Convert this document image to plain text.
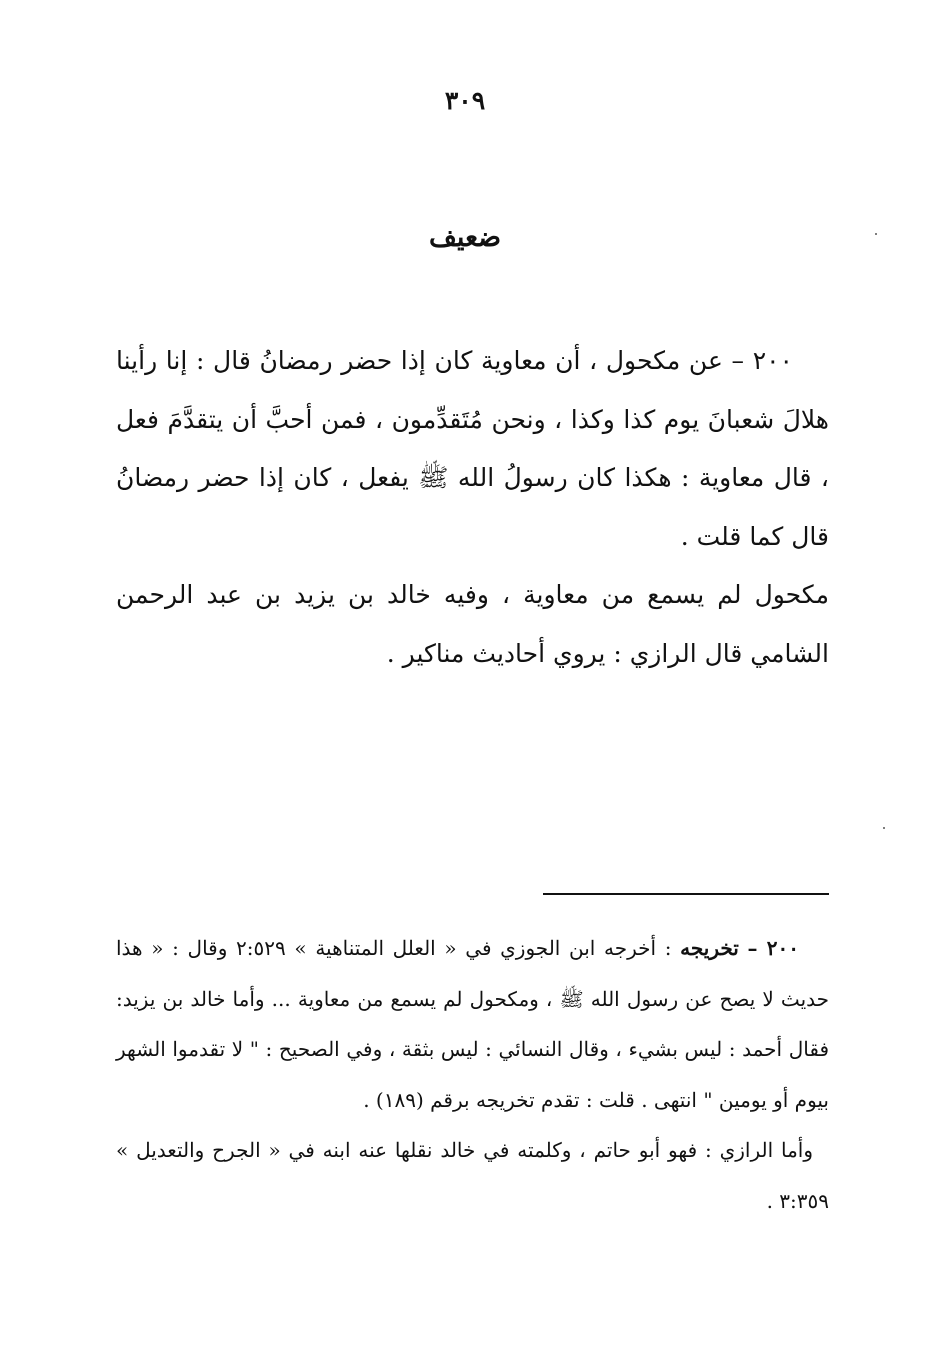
٣٠٩
ضعيف

٢٠٠ – عن مكحول ، أن معاوية كان إذا حضر رمضانُ قال : إنا رأينا هلالَ شعبانَ يوم كذا وكذا ، ونحن مُتَقدِّمون ، فمن أحبَّ أن يتقدَّمَ فعل ، قال معاوية : هكذا كان رسولُ الله ﷺ يفعل ، كان إذا حضر رمضانُ قال كما قلت .

مكحول لم يسمع من معاوية ، وفيه خالد بن يزيد بن عبد الرحمن الشامي قال الرازي : يروي أحاديث مناكير .

٢٠٠ – تخريجه : أخرجه ابن الجوزي في « العلل المتناهية » ٢:٥٢٩ وقال : « هذا حديث لا يصح عن رسول الله ﷺ ، ومكحول لم يسمع من معاوية ... وأما خالد بن يزيد: فقال أحمد : ليس بشيء ، وقال النسائي : ليس بثقة ، وفي الصحيح : " لا تقدموا الشهر بيوم أو يومين " انتهى . قلت : تقدم تخريجه برقم (١٨٩) .

وأما الرازي : فهو أبو حاتم ، وكلمته في خالد نقلها عنه ابنه في « الجرح والتعديل » ٣:٣٥٩ .
